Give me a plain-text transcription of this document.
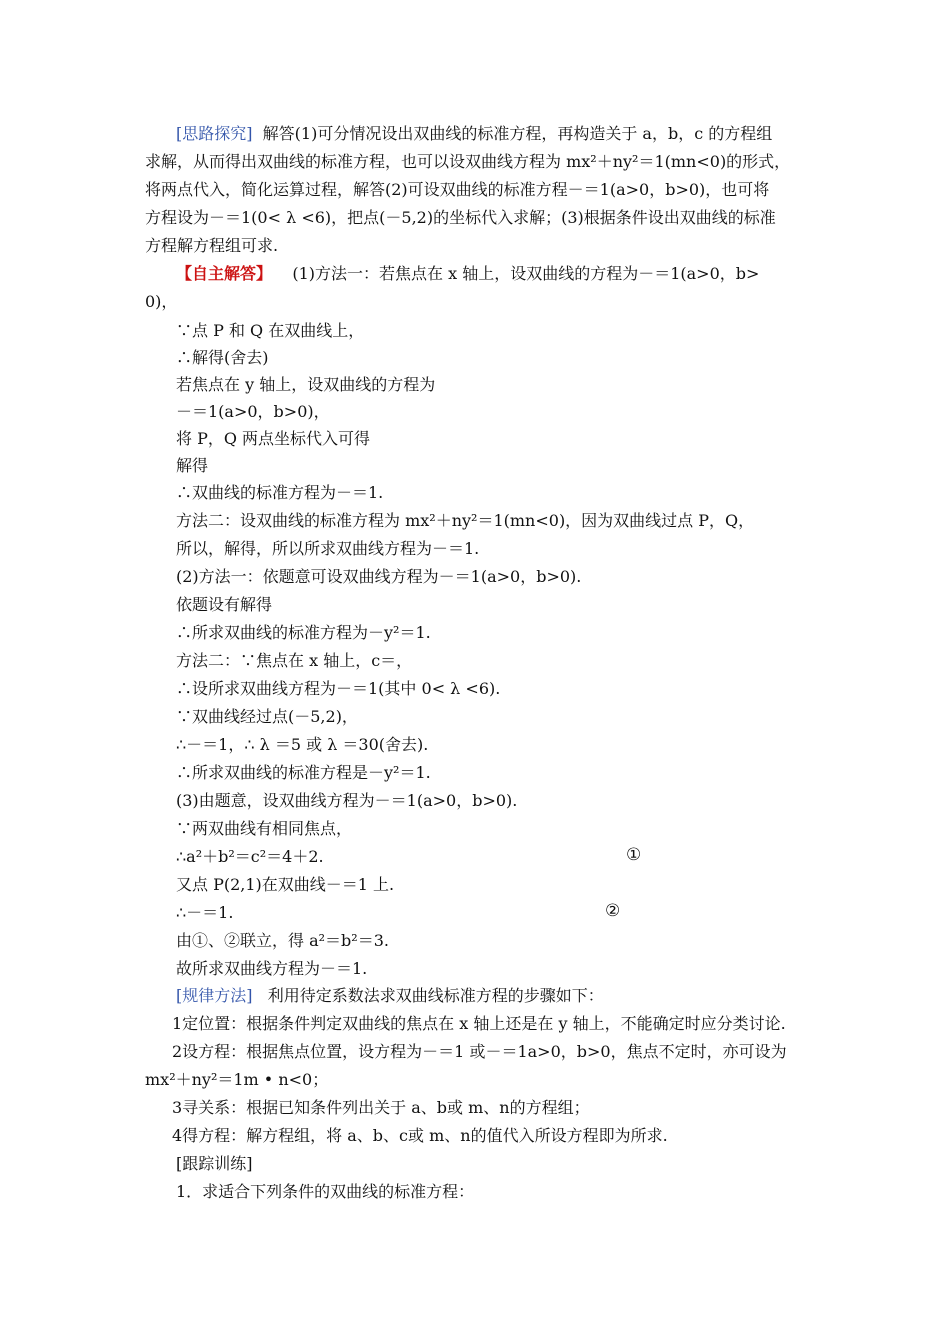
[思路探究] 解答(1)可分情况设出双曲线的标准方程，再构造关于 a，b，c 的方程组
求解，从而得出双曲线的标准方程，也可以设双曲线方程为 mx²＋ny²＝1(mn<0)的形式，
将两点代入，简化运算过程，解答(2)可设双曲线的标准方程－＝1(a>0，b>0)，也可将
方程设为－＝1(0< λ <6)，把点(－5,2)的坐标代入求解；(3)根据条件设出双曲线的标准
方程解方程组可求.
【自主解答】 (1)方法一：若焦点在 x 轴上，设双曲线的方程为－＝1(a>0，b>
0)，
∵点 P 和 Q 在双曲线上，
∴解得(舍去)
若焦点在 y 轴上，设双曲线的方程为
－＝1(a>0，b>0)，
将 P，Q 两点坐标代入可得
解得
∴双曲线的标准方程为－＝1.
方法二：设双曲线的标准方程为 mx²＋ny²＝1(mn<0)，因为双曲线过点 P，Q，
所以，解得，所以所求双曲线方程为－＝1.
(2)方法一：依题意可设双曲线方程为－＝1(a>0，b>0).
依题设有解得
∴所求双曲线的标准方程为－y²＝1.
方法二：∵焦点在 x 轴上，c＝，
∴设所求双曲线方程为－＝1(其中 0< λ <6).
∵双曲线经过点(－5,2)，
∴－＝1，∴ λ ＝5 或 λ ＝30(舍去).
∴所求双曲线的标准方程是－y²＝1.
(3)由题意，设双曲线方程为－＝1(a>0，b>0).
∵两双曲线有相同焦点，
∴a²＋b²＝c²＝4＋2.	①
又点 P(2,1)在双曲线－＝1 上.
∴－＝1.	②
由①、②联立，得 a²＝b²＝3.
故所求双曲线方程为－＝1.
[规律方法] 利用待定系数法求双曲线标准方程的步骤如下：
1定位置：根据条件判定双曲线的焦点在 x 轴上还是在 y 轴上，不能确定时应分类讨论.
2设方程：根据焦点位置，设方程为－＝1 或－＝1a>0，b>0，焦点不定时，亦可设为
mx²＋ny²＝1m • n<0；
3寻关系：根据已知条件列出关于 a、b或 m、n的方程组；
4得方程：解方程组，将 a、b、c或 m、n的值代入所设方程即为所求.
[跟踪训练]
1．求适合下列条件的双曲线的标准方程：
